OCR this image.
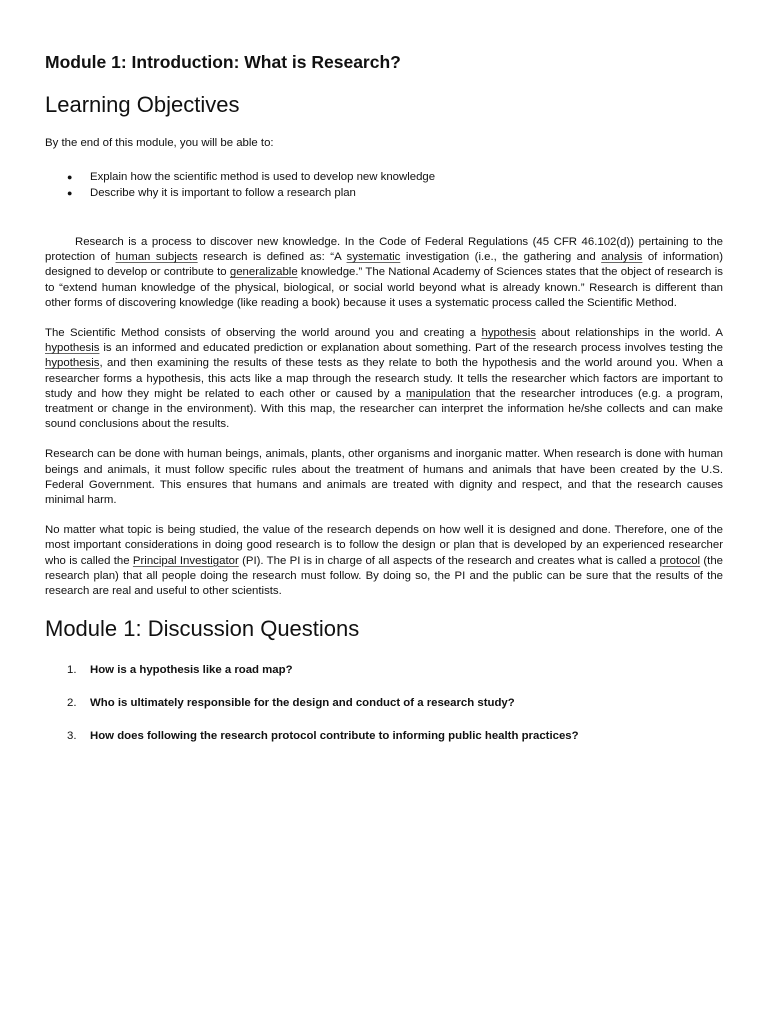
Module 1: Introduction: What is Research?
Learning Objectives

By the end of this module, you will be able to:

● Explain how the scientific method is used to develop new knowledge
● Describe why it is important to follow a research plan

Research is a process to discover new knowledge. In the Code of Federal Regulations (45 CFR 46.102(d)) pertaining to the protection of human subjects research is defined as: “A systematic investigation (i.e., the gathering and analysis of information) designed to develop or contribute to generalizable knowledge.” The National Academy of Sciences states that the object of research is to “extend human knowledge of the physical, biological, or social world beyond what is already known.” Research is different than other forms of discovering knowledge (like reading a book) because it uses a systematic process called the Scientific Method.

The Scientific Method consists of observing the world around you and creating a hypothesis about relationships in the world. A hypothesis is an informed and educated prediction or explanation about something. Part of the research process involves testing the hypothesis, and then examining the results of these tests as they relate to both the hypothesis and the world around you. When a researcher forms a hypothesis, this acts like a map through the research study. It tells the researcher which factors are important to study and how they might be related to each other or caused by a manipulation that the researcher introduces (e.g. a program, treatment or change in the environment). With this map, the researcher can interpret the information he/she collects and can make sound conclusions about the results.

Research can be done with human beings, animals, plants, other organisms and inorganic matter. When research is done with human beings and animals, it must follow specific rules about the treatment of humans and animals that have been created by the U.S. Federal Government. This ensures that humans and animals are treated with dignity and respect, and that the research causes minimal harm.

No matter what topic is being studied, the value of the research depends on how well it is designed and done. Therefore, one of the most important considerations in doing good research is to follow the design or plan that is developed by an experienced researcher who is called the Principal Investigator (PI). The PI is in charge of all aspects of the research and creates what is called a protocol (the research plan) that all people doing the research must follow. By doing so, the PI and the public can be sure that the results of the research are real and useful to other scientists.

Module 1: Discussion Questions
1. How is a hypothesis like a road map?
2. Who is ultimately responsible for the design and conduct of a research study?
3. How does following the research protocol contribute to informing public health practices?
